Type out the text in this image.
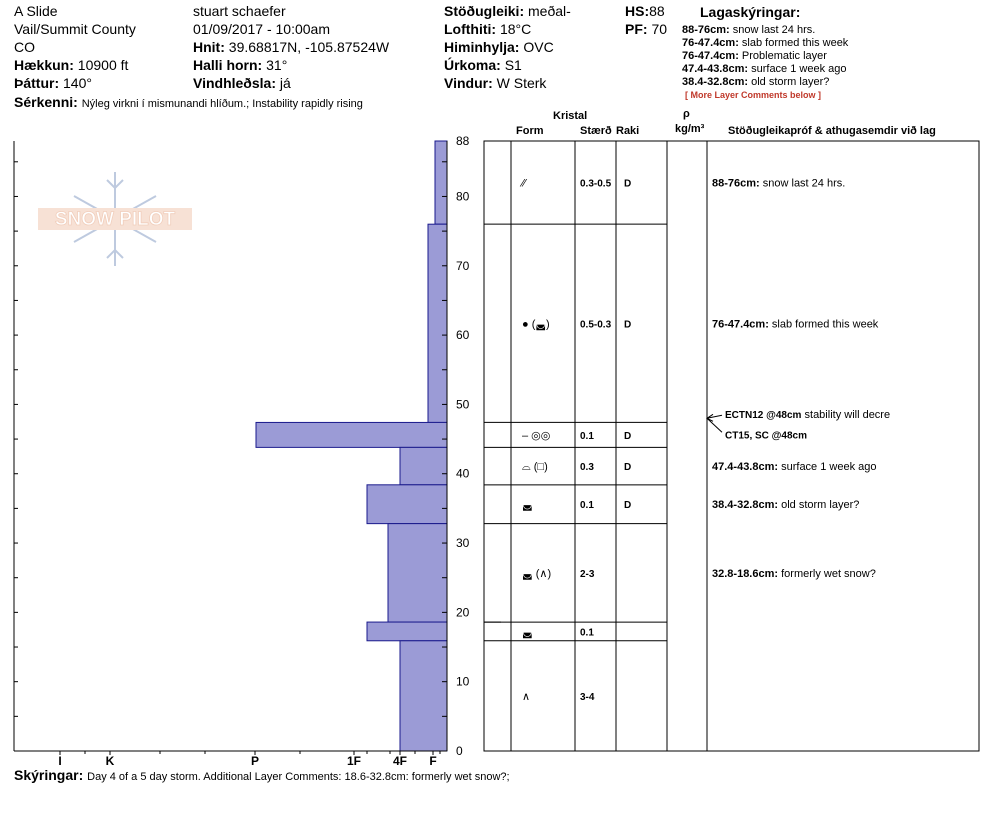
A Slide
Vail/Summit County
CO
Hækkun: 10900 ft
Þáttur: 140°
Sérkenni: Nýleg virkni í mismunandi hlíðum.; Instability rapidly rising
stuart schaefer
01/09/2017 - 10:00am
Hnit: 39.68817N, -105.87524W
Halli horn: 31°
Vindhleðsla: já
Stöðugleiki: meðal-
Lofthiti: 18°C
Himinhylja: OVC
Úrkoma: S1
Vindur: W Sterk
HS:88
PF: 70
Lagaskýringar:
88-76cm: snow last 24 hrs.
76-47.4cm: slab formed this week
76-47.4cm: Problematic layer
47.4-43.8cm: surface 1 week ago
38.4-32.8cm: old storm layer?
[ More Layer Comments below ]
Kristal
Form	Stærð Raki
ρ
kg/m³ Stöðugleikapróf & athugasemdir við lag
SNOW PILOT
0
10
20
30
40
50
60
70
80
88
I	K	P	1F	4F F
⁄⁄	0.3-0.5 D	88-76cm: snow last 24 hrs.
● (◛)	0.5-0.3 D	76-47.4cm: slab formed this week
‒ ◎◎	0.1	D
⌓ (□)	0.3	D	47.4-43.8cm: surface 1 week ago
◛	0.1	D	38.4-32.8cm: old storm layer?
◛ (∧)	2-3	32.8-18.6cm: formerly wet snow?
◛	0.1
∧	3-4
ECTN12 @48cm stability will decre
CT15, SC @48cm
Skýringar: Day 4 of a 5 day storm. Additional Layer Comments: 18.6-32.8cm: formerly wet snow?;
